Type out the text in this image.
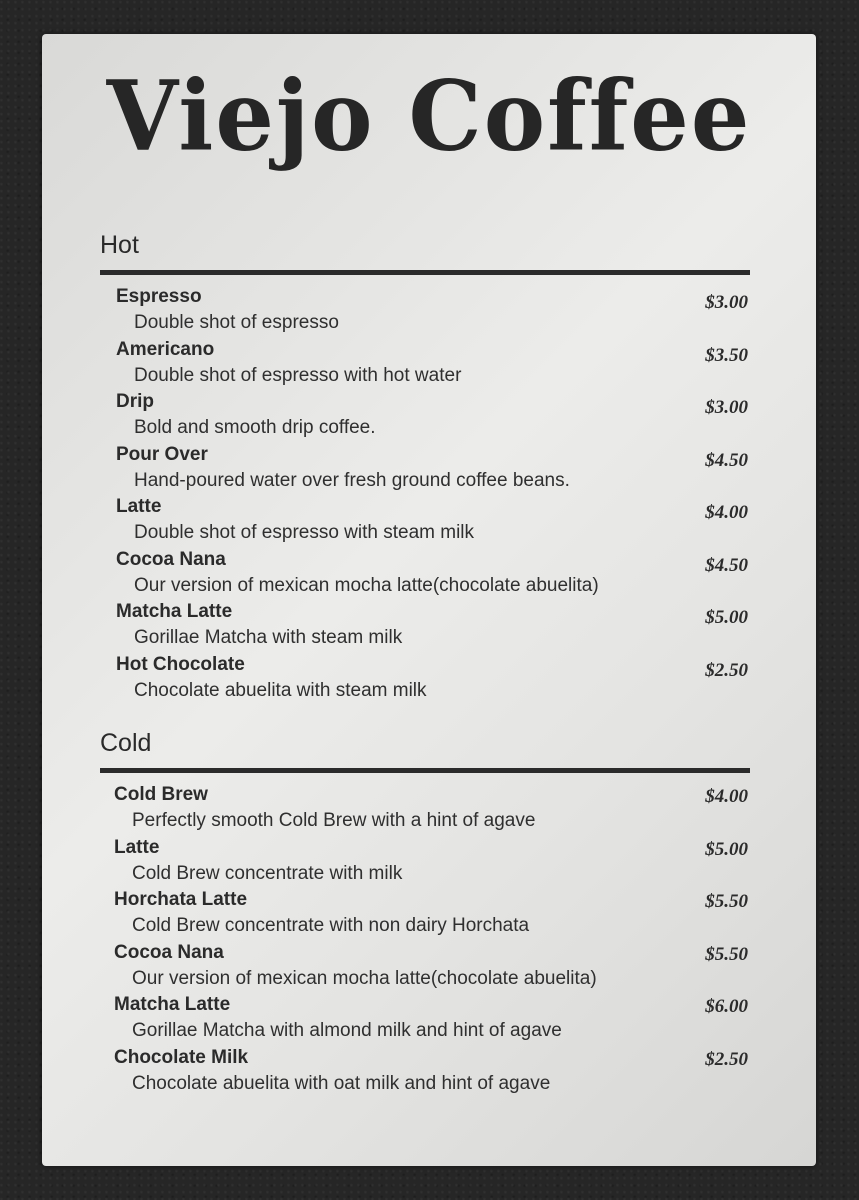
Viejo Coffee
Hot
Espresso
Double shot of espresso
$3.00
Americano
Double shot of espresso with hot water
$3.50
Drip
Bold and smooth drip coffee.
$3.00
Pour Over
Hand-poured water over fresh ground coffee beans.
$4.50
Latte
Double shot of espresso with steam milk
$4.00
Cocoa Nana
Our version of mexican mocha latte(chocolate abuelita)
$4.50
Matcha Latte
Gorillae Matcha with steam milk
$5.00
Hot Chocolate
Chocolate abuelita with steam milk
$2.50
Cold
Cold Brew
Perfectly smooth Cold Brew with a hint of agave
$4.00
Latte
Cold Brew concentrate with milk
$5.00
Horchata Latte
Cold Brew concentrate with non dairy Horchata
$5.50
Cocoa Nana
Our version of mexican mocha latte(chocolate abuelita)
$5.50
Matcha Latte
Gorillae Matcha with almond milk and hint of agave
$6.00
Chocolate Milk
Chocolate abuelita with oat milk and hint of agave
$2.50
